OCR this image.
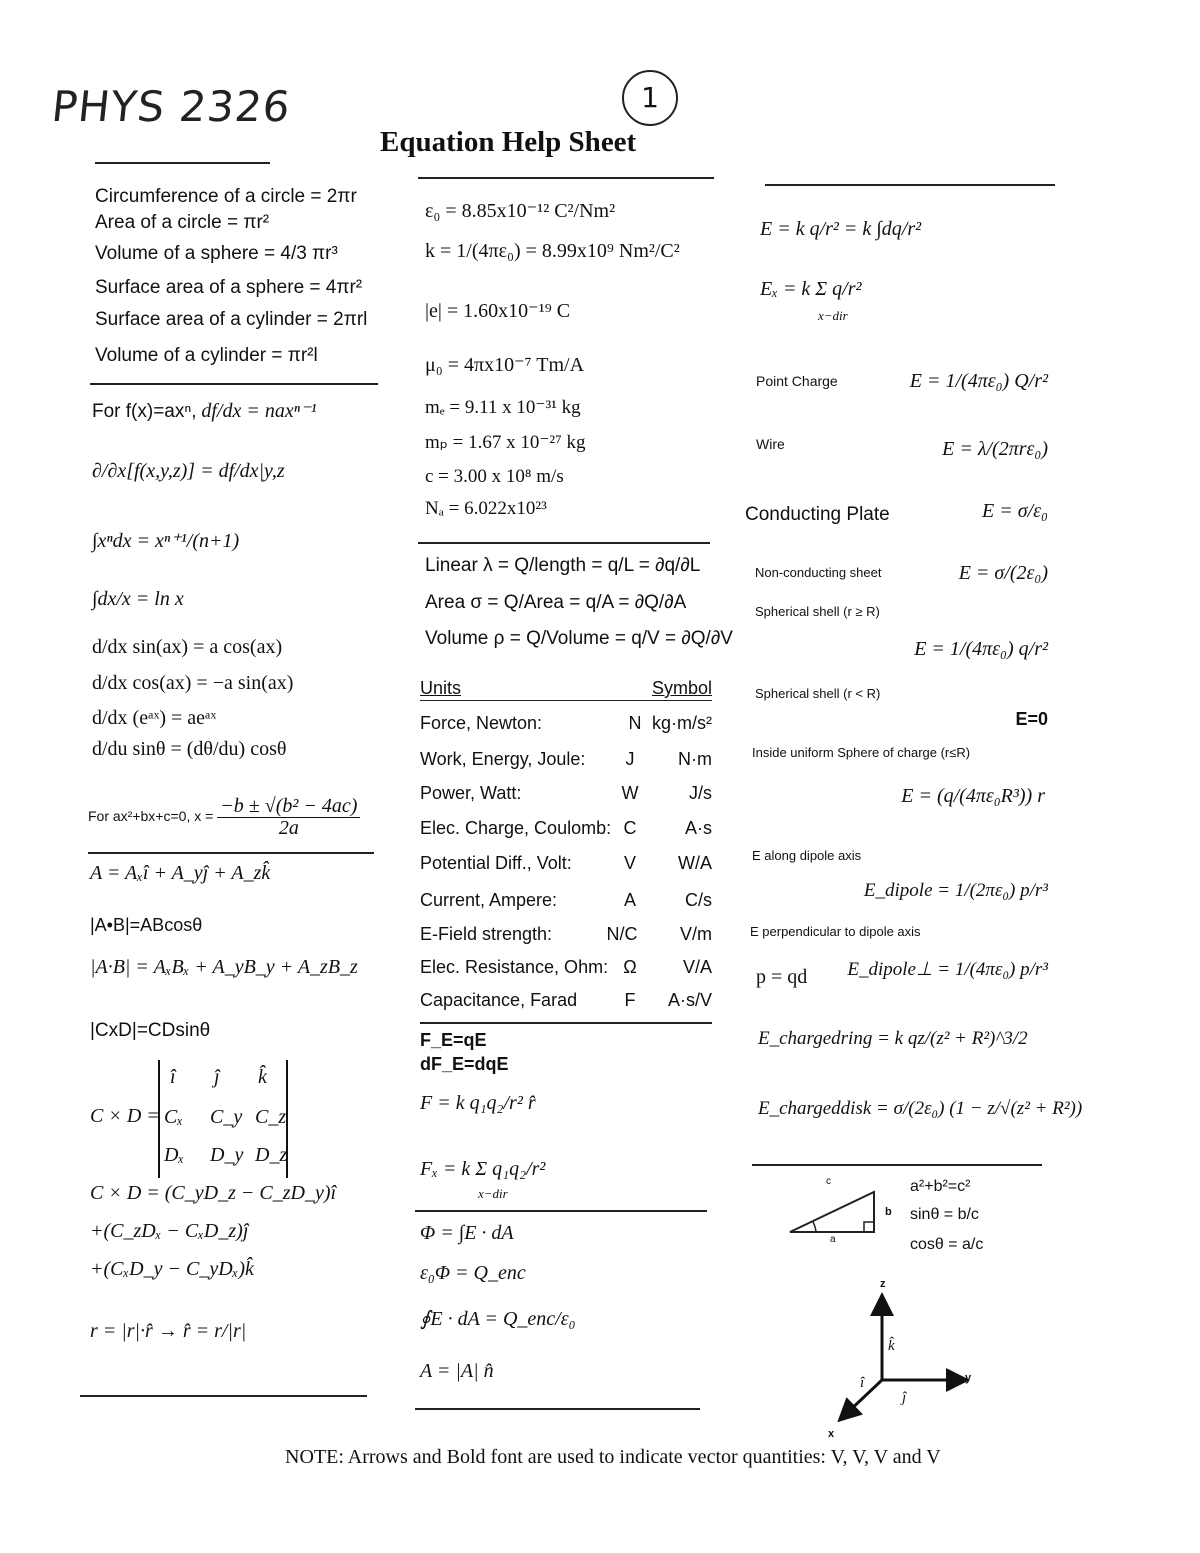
PHYS 2326	1
Equation Help Sheet
Circumference of a circle = 2πr
Area of a circle = πr²
Volume of a sphere = 4/3 πr³
Surface area of a sphere = 4πr²
Surface area of a cylinder = 2πrl
Volume of a cylinder = πr²l
For f(x)=axⁿ, df/dx = naxⁿ⁻¹
∂/∂x[f(x,y,z)] = df/dx|y,z
∫xⁿdx = xⁿ⁺¹/(n+1)
∫dx/x = ln x
d/dx sin(ax) = a cos(ax)
d/dx cos(ax) = −a sin(ax)
d/dx (eᵃˣ) = aeᵃˣ
d/du sinθ = (dθ/du) cosθ
For ax²+bx+c=0, $x = \frac{\text{−b ± √(b² − 4ac)}}{2a}$
A = Aₓî + A_yĵ + A_zk̂
|A•B|=ABcosθ
|A·B| = AₓBₓ + A_yB_y + A_zB_z
|CxD|=CDsinθ
C × D =
î ĵ k̂
Cₓ C_y C_z
Dₓ D_y D_z
C × D = (C_yD_z − C_zD_y)î
+(C_zDₓ − CₓD_z)ĵ
+(CₓD_y − C_yDₓ)k̂
r = |r|·r̂ → r̂ = r/|r|
ε₀ = 8.85x10⁻¹² C²/Nm²
k = 1/(4πε₀) = 8.99x10⁹ Nm²/C²
|e| = 1.60x10⁻¹⁹ C
μ₀ = 4πx10⁻⁷ Tm/A
mₑ = 9.11 x 10⁻³¹ kg
mₚ = 1.67 x 10⁻²⁷ kg
c = 3.00 x 10⁸ m/s
Nₐ = 6.022x10²³
Linear λ = Q/length = q/L = ∂q/∂L
Area σ = Q/Area = q/A = ∂Q/∂A
Volume ρ = Q/Volume = q/V = ∂Q/∂V
Units	Symbol
Force, Newton:	N kg·m/s²
Work, Energy, Joule:	J	N·m
Power, Watt:	W	J/s
Elec. Charge, Coulomb: C	A·s
Potential Diff., Volt:	V W/A
Current, Ampere:	A	C/s
E-Field strength:	N/C V/m
Elec. Resistance, Ohm: Ω	V/A
Capacitance, Farad	F A·s/V
F_E=qE
dF_E=dqE
F = k q₁q₂/r² r̂
Fₓ = k Σ q₁q₂/r²
x−dir
Φ = ∫E · dA
ε₀Φ = Q_enc
∮E · dA = Q_enc/ε₀
A = |A| n̂
E = k q/r² = k ∫dq/r²
Eₓ = k Σ q/r²
x−dir
Point Charge	E = 1/(4πε₀) Q/r²
Wire	E = λ/(2πrε₀)
Conducting Plate	E = σ/ε₀
Non-conducting sheet	E = σ/(2ε₀)
Spherical shell (r ≥ R)
E = 1/(4πε₀) q/r²
Spherical shell (r < R)
E=0
Inside uniform Sphere of charge (r≤R)
E = (q/(4πε₀R³)) r
E along dipole axis
E_dipole = 1/(2πε₀) p/r³
E perpendicular to dipole axis
p = qd E_dipole⊥ = 1/(4πε₀) p/r³
E_chargedring = k qz/(z² + R²)^3/2
E_chargeddisk = σ/(2ε₀) (1 − z/√(z² + R²))
c
b
a
a²+b²=c²
sinθ = b/c
cosθ = a/c
z
y
x
k̂
î
ĵ
NOTE: Arrows and Bold font are used to indicate vector quantities: V, V, V and V
